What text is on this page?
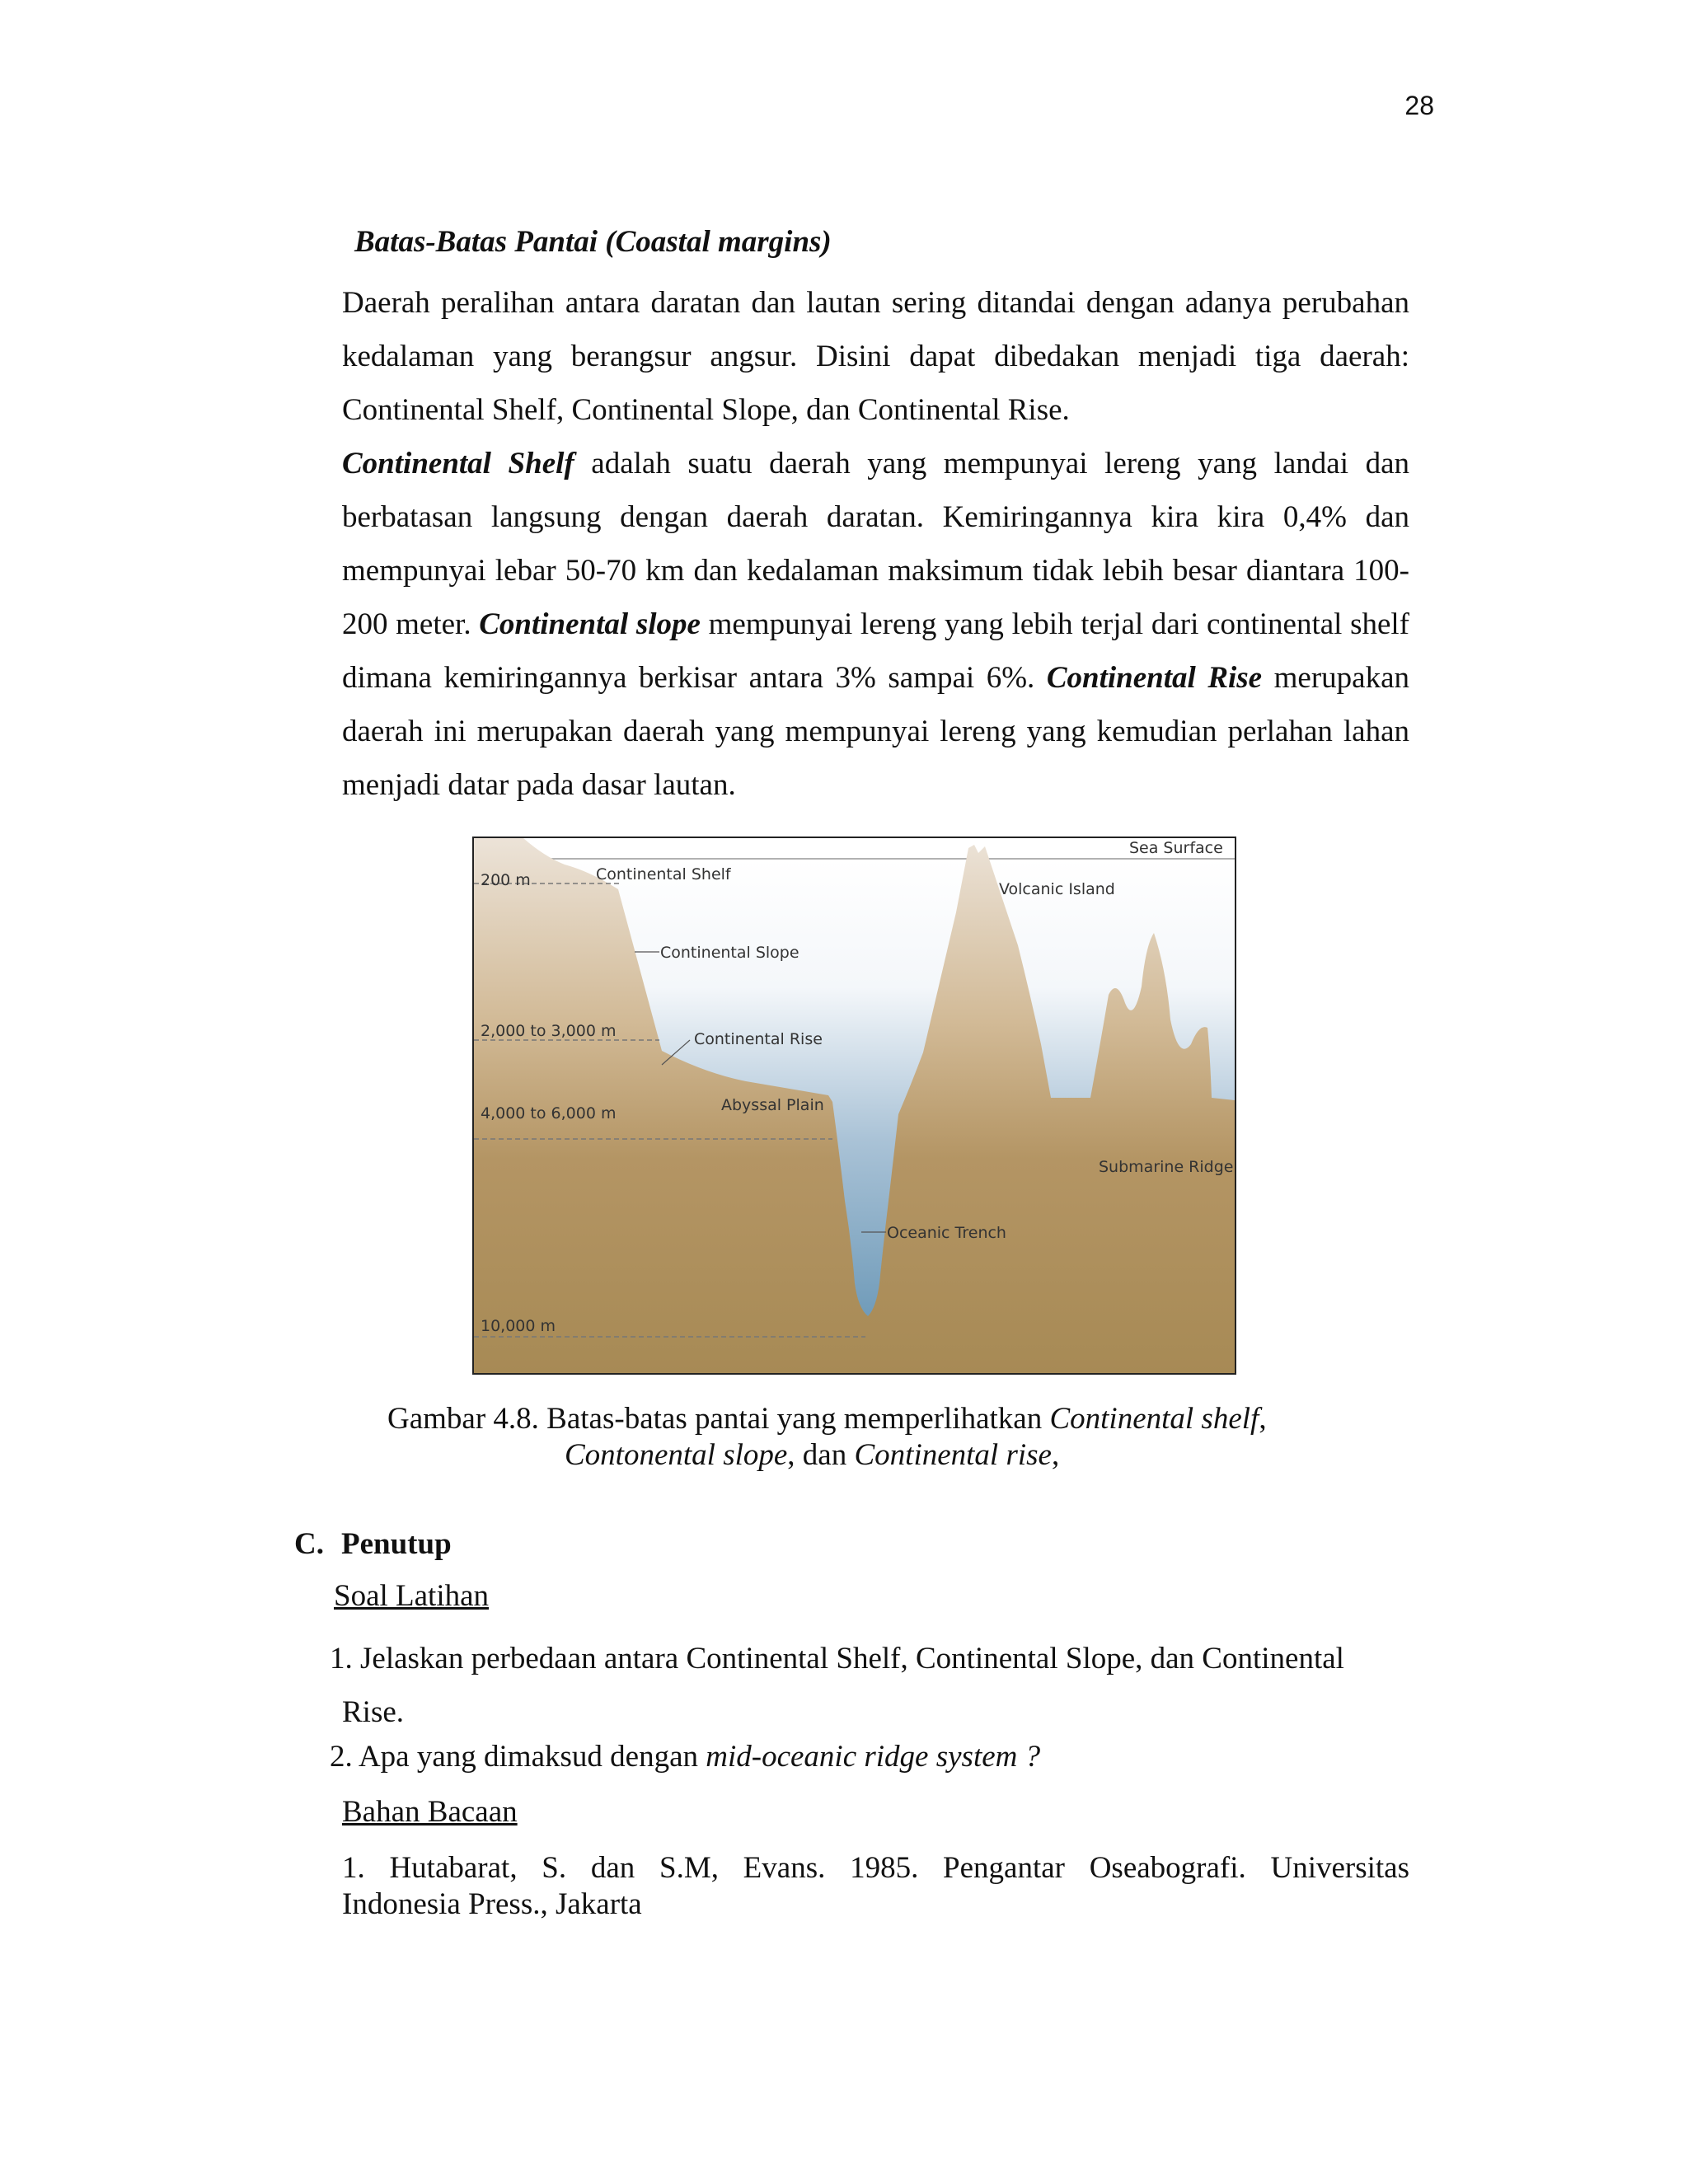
28
Batas-Batas Pantai (Coastal margins)
Daerah peralihan antara daratan dan lautan sering ditandai dengan adanya perubahan kedalaman yang berangsur angsur. Disini dapat dibedakan menjadi tiga daerah: Continental Shelf, Continental Slope, dan Continental Rise.
Continental Shelf adalah suatu daerah yang mempunyai lereng yang landai dan berbatasan langsung dengan daerah daratan. Kemiringannya kira kira 0,4% dan mempunyai lebar 50-70 km dan kedalaman maksimum tidak lebih besar diantara 100-200 meter. Continental slope mempunyai lereng yang lebih terjal dari continental shelf dimana kemiringannya berkisar antara 3% sampai 6%. Continental Rise merupakan daerah ini merupakan daerah yang mempunyai lereng yang kemudian perlahan lahan menjadi datar pada dasar lautan.
Sea Surface
200 m
2,000 to 3,000 m
4,000 to 6,000 m
10,000 m
Continental Shelf
Volcanic Island
Continental Slope
Continental Rise
Abyssal Plain
Submarine Ridge
Oceanic Trench
Gambar 4.8. Batas-batas pantai yang memperlihatkan Continental shelf,
Contonental slope, dan Continental rise,
C. Penutup
Soal Latihan
1. Jelaskan perbedaan antara Continental Shelf, Continental Slope, dan Continental
Rise.
2. Apa yang dimaksud dengan mid-oceanic ridge system ?
Bahan Bacaan
1. Hutabarat, S. dan S.M, Evans. 1985. Pengantar Oseabografi. Universitas
Indonesia Press., Jakarta
